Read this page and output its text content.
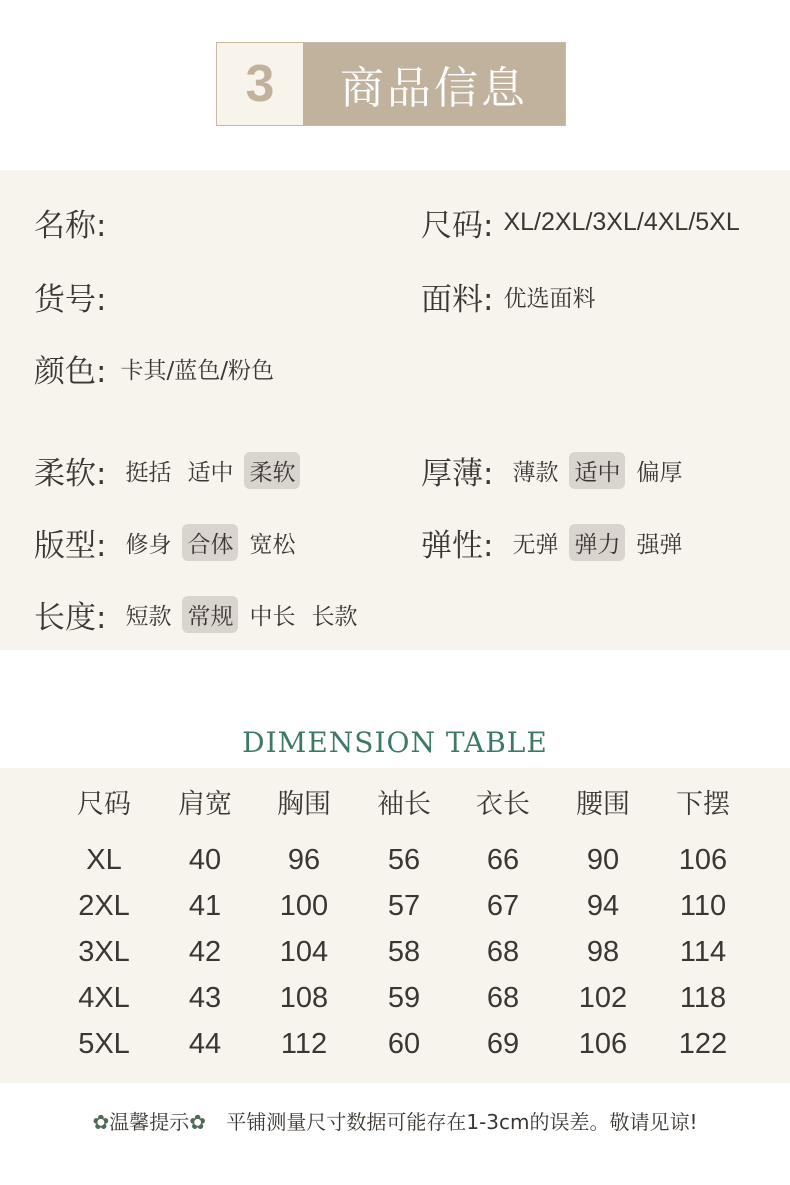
3	商品信息
名称:	尺码: XL/2XL/3XL/4XL/5XL
货号:	面料: 优选面料
颜色: 卡其/蓝色/粉色
柔软: 挺括 适中 柔软	厚薄: 薄款 适中 偏厚
版型: 修身 合体 宽松	弹性: 无弹 弹力 强弹
长度: 短款 常规 中长 长款
DIMENSION TABLE
尺码	肩宽	胸围	袖长	衣长	腰围	下摆
XL	40	96	56	66	90	106
2XL	41	100	57	67	94	110
3XL	42	104	58	68	98	114
4XL	43	108	59	68	102	118
5XL	44	112	60	69	106	122
✿温馨提示✿ 平铺测量尺寸数据可能存在1-3cm的误差。敬请见谅!
